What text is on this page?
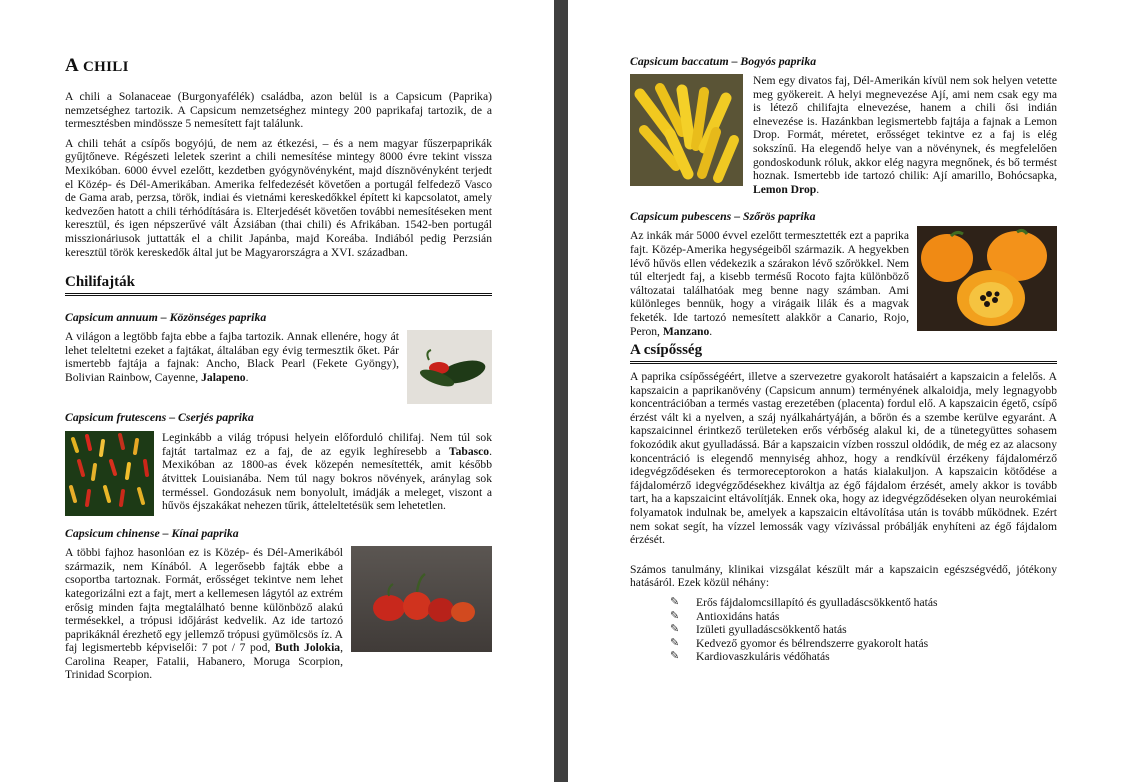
A CHILI

A chili a Solanaceae (Burgonyafélék) családba, azon belül is a Capsicum (Paprika) nemzetséghez tartozik. A Capsicum nemzetséghez mintegy 200 paprikafaj tartozik, de a termesztésben mindössze 5 nemesített fajt találunk.

A chili tehát a csípős bogyójú, de nem az étkezési, – és a nem magyar fűszerpaprikák gyűjtőneve. Régészeti leletek szerint a chili nemesítése mintegy 8000 évre tekint vissza Mexikóban. 6000 évvel ezelőtt, kezdetben gyógynövényként, majd dísznövényként terjedt el Közép- és Dél-Amerikában. Amerika felfedezését követően a portugál felfedező Vasco de Gama arab, perzsa, török, indiai és vietnámi kereskedőkkel épített ki kapcsolatot, amely kedvezően hatott a chili térhódítására is. Elterjedését követően további nemesítéseken ment keresztül, és igen népszerűvé vált Ázsiában (thai chili) és Afrikában. 1542-ben portugál misszionáriusok juttatták el a chilit Japánba, majd Koreába. Indiából pedig Perzsián keresztül török kereskedők által jut be Magyarországra a XVI. században.

Chilifajták
Capsicum annuum – Közönséges paprika

A világon a legtöbb fajta ebbe a fajba tartozik. Annak ellenére, hogy át lehet teleltetni ezeket a fajtákat, általában egy évig termesztik őket. Pár ismertebb fajtája a fajnak: Ancho, Black Pearl (Fekete Gyöngy), Bolivian Rainbow, Cayenne, Jalapeno.

Capsicum frutescens – Cserjés paprika

Leginkább a világ trópusi helyein előforduló chilifaj. Nem túl sok fajtát tartalmaz ez a faj, de az egyik leghíresebb a Tabasco. Mexikóban az 1800-as évek közepén nemesítették, amit később átvittek Louisianába. Nem túl nagy bokros növények, aránylag sok terméssel. Gondozásuk nem bonyolult, imádják a meleget, viszont a hűvös éjszakákat nehezen tűrik, átteleltetésük sem lehetetlen.

Capsicum chinense – Kínai paprika

A többi fajhoz hasonlóan ez is Közép- és Dél-Amerikából származik, nem Kínából. A legerősebb fajták ebbe a csoportba tartoznak. Formát, erősséget tekintve nem lehet kategorizálni ezt a fajt, mert a kellemesen lágytól az extrém erősig minden fajta megtalálható benne különböző alakú termésekkel, a trópusi időjárást kedvelik. Az ide tartozó paprikáknál érezhető egy jellemző trópusi gyümölcsös íz. A faj legismertebb képviselői: 7 pot / 7 pod, Buth Jolokia, Carolina Reaper, Fatalii, Habanero, Moruga Scorpion, Trinidad Scorpion.

Capsicum baccatum – Bogyós paprika

Nem egy divatos faj, Dél-Amerikán kívül nem sok helyen vetette meg gyökereit. A helyi megnevezése Ají, ami nem csak egy ma is létező chilifajta elnevezése, hanem a chili ősi indián elnevezése is. Hazánkban legismertebb fajtája a fajnak a Lemon Drop. Formát, méretet, erősséget tekintve ez a faj is elég sokszínű. Ha elegendő helye van a növénynek, és megfelelően gondoskodunk róluk, akkor elég nagyra megnőnek, és bő termést hoznak. Ismertebb ide tartozó chilik: Ají amarillo, Bohócsapka, Lemon Drop.

Capsicum pubescens – Szőrös paprika

Az inkák már 5000 évvel ezelőtt termesztették ezt a paprika fajt. Közép-Amerika hegységeiből származik. A hegyekben lévő hűvös ellen védekezik a szárakon lévő szőrökkel. Nem túl elterjedt faj, a kisebb termésű Rocoto fajta különböző változatai találhatóak meg benne nagy számban. Ami különleges bennük, hogy a virágaik lilák és a magvak feketék. Ide tartozó nemesített alakkör a Canario, Rojo, Peron, Manzano.

A csípősség

A paprika csípősségéért, illetve a szervezetre gyakorolt hatásaiért a kapszaicin a felelős. A kapszaicin a paprikanövény (Capsicum annum) terményének alkaloidja, mely legnagyobb koncentrációban a termés vastag erezetében (placenta) fordul elő. A kapszaicin égető, csípő érzést vált ki a nyelven, a száj nyálkahártyáján, a bőrön és a szembe kerülve egyaránt. A kapszaicinnel érintkező területeken erős vérbőség alakul ki, de a tünetegyüttes sohasem fokozódik akut gyulladássá. Bár a kapszaicin vízben rosszul oldódik, de még ez az alacsony koncentráció is elegendő mennyiség ahhoz, hogy a rendkívül érzékeny fájdalomérző idegvégződéseken és termoreceptorokon a hatás kialakuljon. A kapszaicin kötődése a fájdalomérző idegvégződésekhez kiváltja az égő fájdalom érzését, amely akkor is tovább tart, ha a kapszaicint eltávolítják. Ennek oka, hogy az idegvégződéseken olyan neurokémiai folyamatok indulnak be, amelyek a kapszaicin eltávolítása után is tovább működnek. Ezért nem sokat segít, ha vízzel lemossák vagy vízivással próbálják enyhíteni az égő fájdalom érzését.

Számos tanulmány, klinikai vizsgálat készült már a kapszaicin egészségvédő, jótékony hatásáról. Ezek közül néhány:

✎	Erős fájdalomcsillapító és gyulladáscsökkentő hatás
✎	Antioxidáns hatás
✎	Izületi gyulladáscsökkentő hatás
✎	Kedvező gyomor és bélrendszerre gyakorolt hatás
✎	Kardiovaszkuláris védőhatás
